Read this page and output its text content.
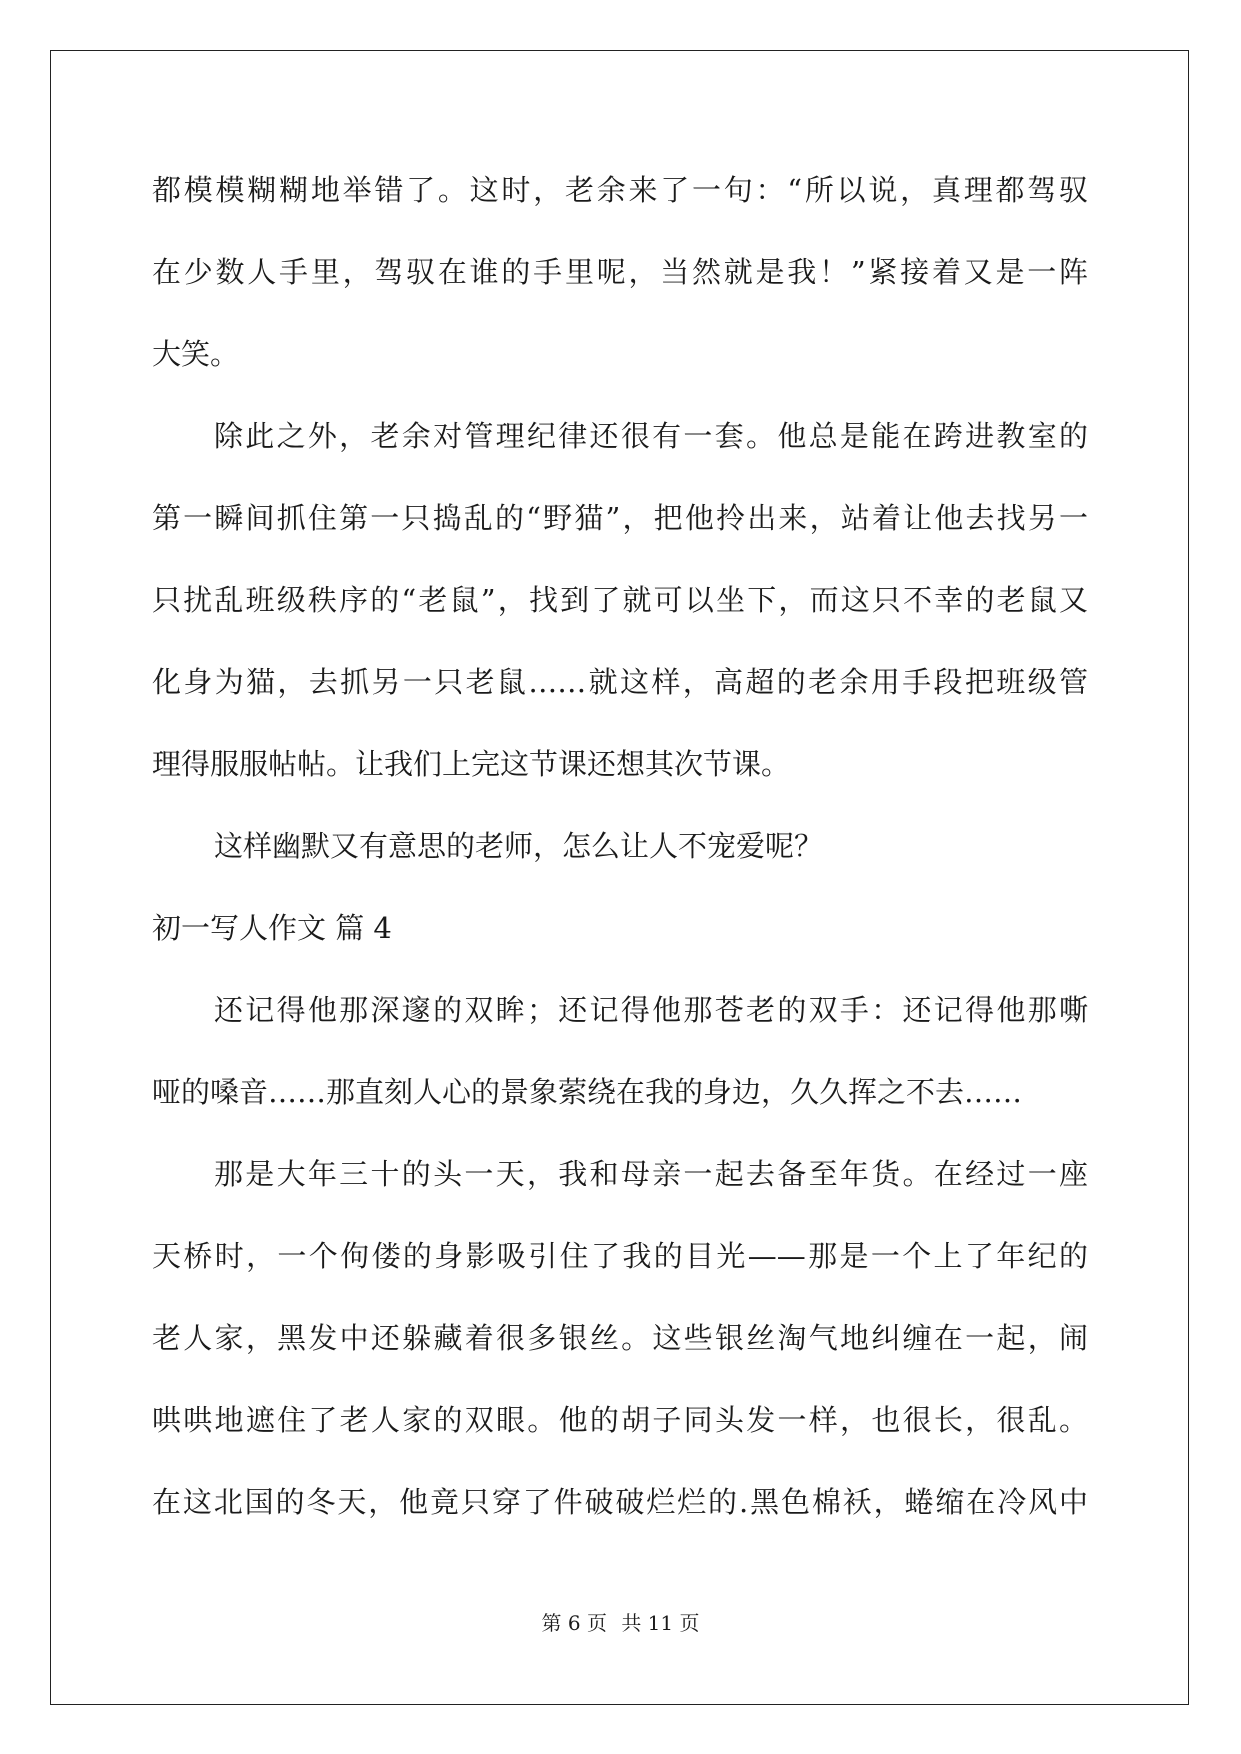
都模模糊糊地举错了。这时，老余来了一句：“所以说，真理都驾驭
在少数人手里，驾驭在谁的手里呢，当然就是我！”紧接着又是一阵
大笑。
除此之外，老余对管理纪律还很有一套。他总是能在跨进教室的
第一瞬间抓住第一只捣乱的“野猫”，把他拎出来，站着让他去找另一
只扰乱班级秩序的“老鼠”，找到了就可以坐下，而这只不幸的老鼠又
化身为猫，去抓另一只老鼠……就这样，高超的老余用手段把班级管
理得服服帖帖。让我们上完这节课还想其次节课。
这样幽默又有意思的老师，怎么让人不宠爱呢？
初一写人作文 篇 4
还记得他那深邃的双眸；还记得他那苍老的双手：还记得他那嘶
哑的嗓音……那直刻人心的景象萦绕在我的身边，久久挥之不去……
那是大年三十的头一天，我和母亲一起去备至年货。在经过一座
天桥时，一个佝偻的身影吸引住了我的目光——那是一个上了年纪的
老人家，黑发中还躲藏着很多银丝。这些银丝淘气地纠缠在一起，闹
哄哄地遮住了老人家的双眼。他的胡子同头发一样，也很长，很乱。
在这北国的冬天，他竟只穿了件破破烂烂的.黑色棉袄，蜷缩在冷风中
第 6 页 共 11 页
